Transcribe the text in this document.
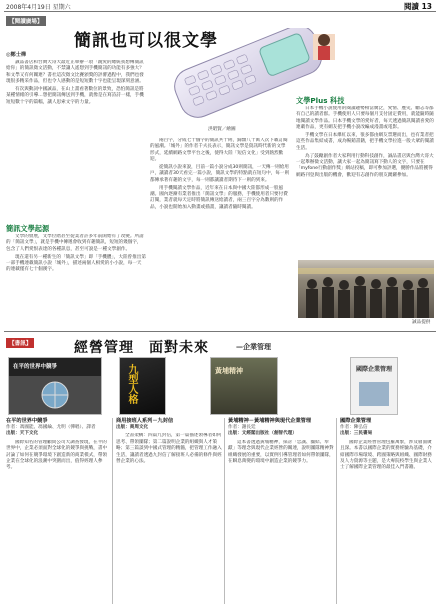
2008年4月19日 星期六	閱讀 13
【閱讀廣場】
簡訊也可以很文學
洪昭賢／繪圖
◎鄭士樺

誠品書店和台灣大哥大最近正舉辦一項「親愛的總統我想傳簡訊給你」的簡訊徵文活動，不禁讓人遙想到手機簡訊的功能有多強大？和文學又有何關連？書社這次徵文比賽頒獎的評審過程中，我們也發現很多精采作品，但也令人感動的是短短數十字也能呈現深刻意涵。

有次與動詞中國誠品，在山上畫看著數位的景致，恐怕簡訊是將某種情緒的引導…想把簡訊傳送到手機，就像是在寫詩詩一樣，手機短短數十字的篇幅，讓人思索文字的力量。

簡訊文學起源

文學的發展，文學位階甚至從業者許多年前開始有了改變。所謂的「簡訊文學」，就是手機中傳遞會收到有趣簡訊，短短的幾個字，包含了人們愛恨表達的各種訊息，甚至可說是一種文學創作。

現在還有另一種新生的「簡訊文學」即「手機體」，大陸曾推出第一部手機連載簡訊小說「城外」，描述兩個人相愛的小小說，每一天的連載僅有七十個漢字。

兩百字，分成七十個字的簡訊共十則，歸類八十萬人次下載訂閱的風潮。「城外」的作者千夫長表示，簡訊文學是資訊時代新的文學形式，延續網路文學平台之後，使得大陸「短信文化」受到熱烈歡迎。

從簡訊小說來說，目前一篇小說分成30則簡訊，一天傳一則給用戶，讓讀者30天看完一篇小說，簡訊文學的特點就在短句中，每一則都傳承著有趣的文字，每一則都讓讀者期待下一則的到來。

用手機閱讀文學作品，近年來在日本與中國大陸都形成一股風潮。國內逐漸有業者推出「簡訊文學」的服務，手機使用者只要付費訂閱，業者就每天定時將簡訊傳送給讀者，兩三百字分為數則的作品，小說也開始加入動畫或插畫，讓讀者隨時閱讀。

文學Plus 科技

日本手機小說使用的閱讀趨勢相當廣泛，愛情、歷史、勵志等都有自己的讀者群。手機使用人只要每個月支付固定費用，就能隨時隨地閱讀文學作品。日本手機文學的愛好者，每天透過簡訊閱讀喜愛的連載作品，更有網友把手機小說改編成漫畫或電影。

手機文學在日本爆紅以來，很多都由網友票選而出，也有業者把這些作品集結成書，成為暢銷書籍，把手機文學拉進一般大眾的閱讀生活。

為了鼓勵創作者大家利用行動科技創作，誠品書店與台灣大哥大一起舉辦徵文活動，讓大家一起為簡訊寫下動人的文字，只要在「myfone行動創作獎」網站投稿，即可參加評選，優勝作品將獲得網路刊登與出版的機會，歡迎有志創作的朋友踴躍參加。

誠品提供
【書訊】	經營管理　面對未來	—企業管理
在平的世界中競爭	九型人格	黃埔精神	國際企業管理
在平的世界中競爭
作者：馮國能、馮國綸、尤明（彈唱）、譯者
出版：天下文化
國際知名的管理顧問公司大調查發現，在平的世界中，企業必須面對全球化的競爭與挑戰，書中討論了如何在競爭環境下創造新的商業模式，帶領企業在全球化的浪潮中突圍而出，值得經理人參考。
商用接班人系列－九封信
出版：商周文化
全書架構：四篇九封信，第一篇描述領導者如何思考、帶領團隊；第二篇說明企業的組織與人才策略；第三篇談到中國式管理的精髓，把管理工作融入生活，讓讀者透過九封信了解接班人必備的條件與經營企業的心法。
黃埔精神－黃埔精神與現代企業管理
作者：謝長廷
出版：文經閣出版社（創智代理）
這本書透過黃埔精神，探討「忠誠、團結、奉獻」等理念與現代企業經營的關連，說明團隊精神對組織發展的重要，以實例引導管理者如何帶領團隊，在瞬息萬變的環境中創造企業的競爭力。
國際企業管理
作者：陳弘信
出版：三民書局
國際企業經營管理包羅萬象，涉及層面廣且深。本書以國際企業的實務經驗為基礎，介紹國際市場環境、跨國策略與組織、國際財務及人力資源等主題，是大專院校學生與企業人士了解國際企業管理的最佳入門書籍。
